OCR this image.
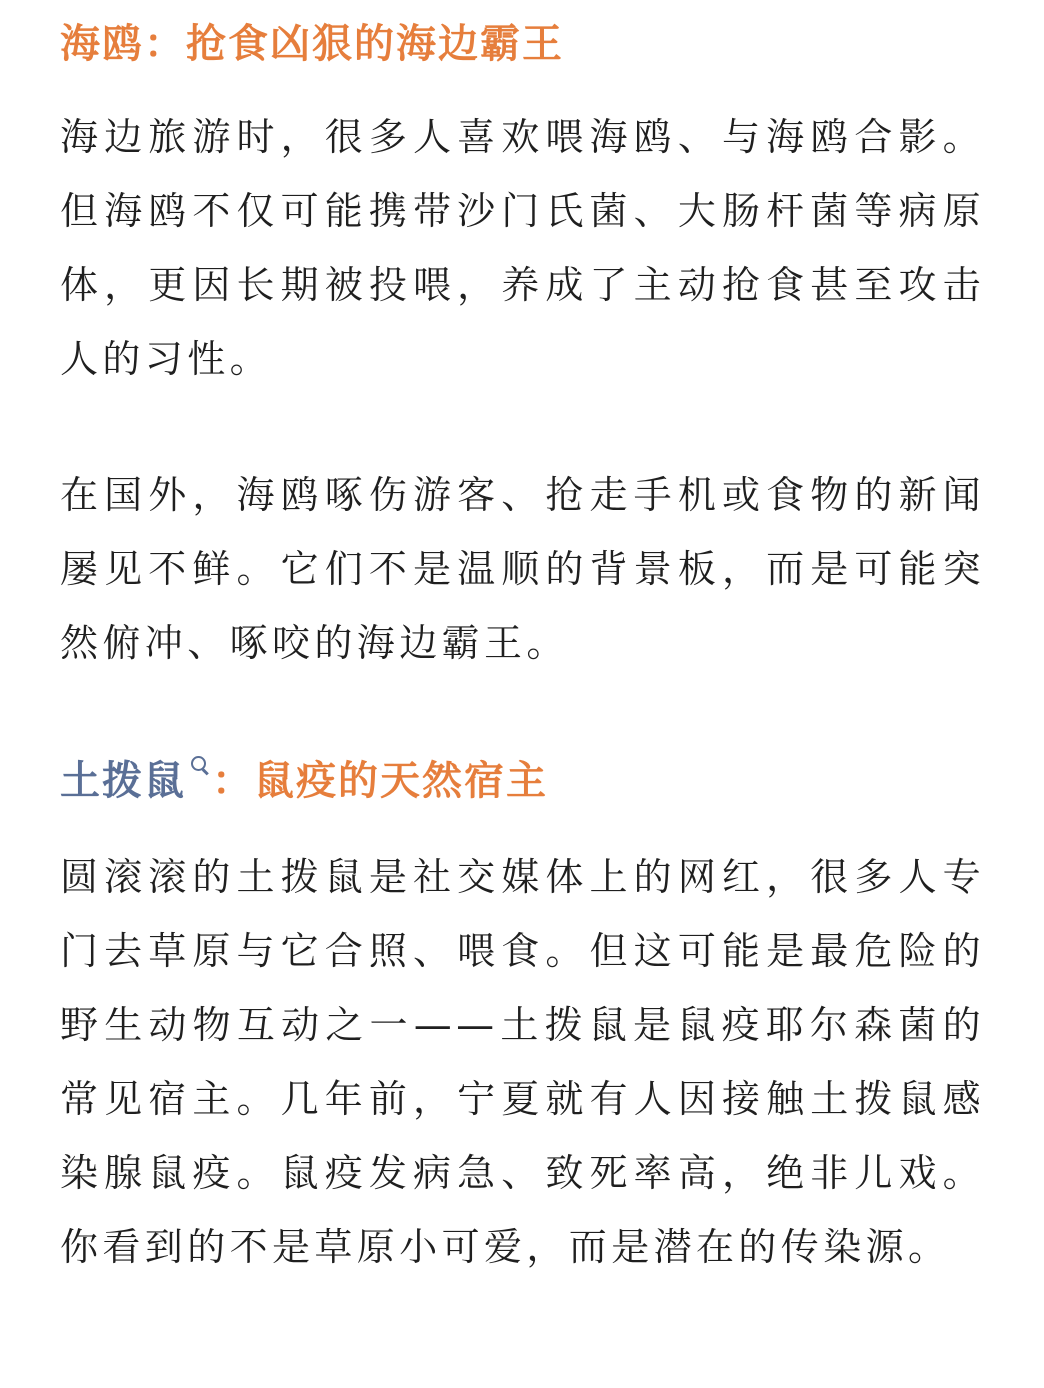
海鸥：抢食凶狠的海边霸王

海边旅游时，很多人喜欢喂海鸥、与海鸥合影。但海鸥不仅可能携带沙门氏菌、大肠杆菌等病原体，更因长期被投喂，养成了主动抢食甚至攻击人的习性。

在国外，海鸥啄伤游客、抢走手机或食物的新闻屡见不鲜。它们不是温顺的背景板，而是可能突然俯冲、啄咬的海边霸王。

土拨鼠 ：鼠疫的天然宿主

圆滚滚的土拨鼠是社交媒体上的网红，很多人专门去草原与它合照、喂食。但这可能是最危险的野生动物互动之一——土拨鼠是鼠疫耶尔森菌的常见宿主。几年前，宁夏就有人因接触土拨鼠感染腺鼠疫。鼠疫发病急、致死率高，绝非儿戏。你看到的不是草原小可爱，而是潜在的传染源。
